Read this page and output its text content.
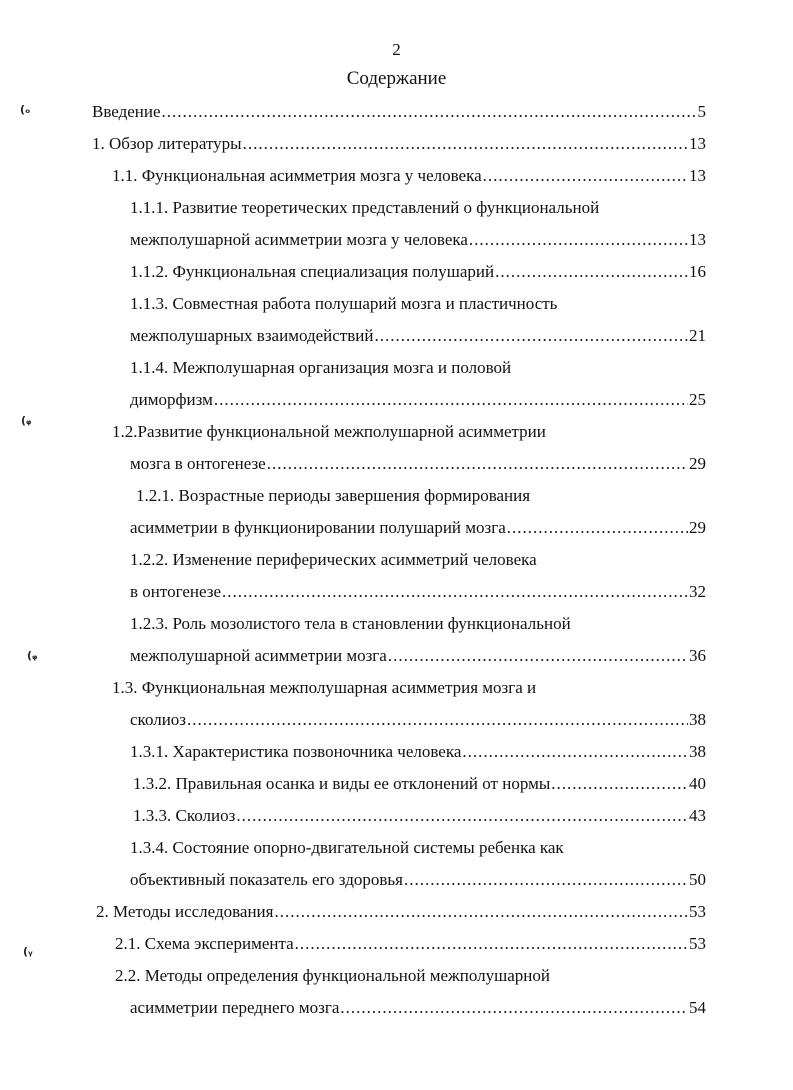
2
Содержание
Введение .....	5
1. Обзор литературы .....	13
1.1. Функциональная асимметрия мозга у человека .....	13
1.1.1. Развитие теоретических представлений о функциональной
межполушарной асимметрии мозга у человека .....	13
1.1.2. Функциональная специализация полушарий .....	16
1.1.3. Совместная работа полушарий мозга и пластичность
межполушарных взаимодействий .....	21
1.1.4. Межполушарная организация мозга и половой
диморфизм .....	25
1.2.Развитие функциональной межполушарной асимметрии
мозга в онтогенезе .....	29
1.2.1. Возрастные периоды завершения формирования
асимметрии в функционировании полушарий мозга .....	29
1.2.2. Изменение периферических асимметрий человека
в онтогенезе .....	32
1.2.3. Роль мозолистого тела в становлении функциональной
межполушарной асимметрии мозга .....	36
1.3. Функциональная межполушарная асимметрия мозга и
сколиоз .....	38
1.3.1. Характеристика позвоночника человека .....	38
1.3.2. Правильная осанка и виды ее отклонений от нормы .....	40
1.3.3. Сколиоз .....	43
1.3.4. Состояние опорно-двигательной системы ребенка как
объективный показатель его здоровья .....	50
2. Методы исследования .....	53
2.1. Схема эксперимента .....	53
2.2. Методы определения функциональной межполушарной
асимметрии переднего мозга .....	54
(ₒ
(ᵩ
(ᵩ
(ᵧ
